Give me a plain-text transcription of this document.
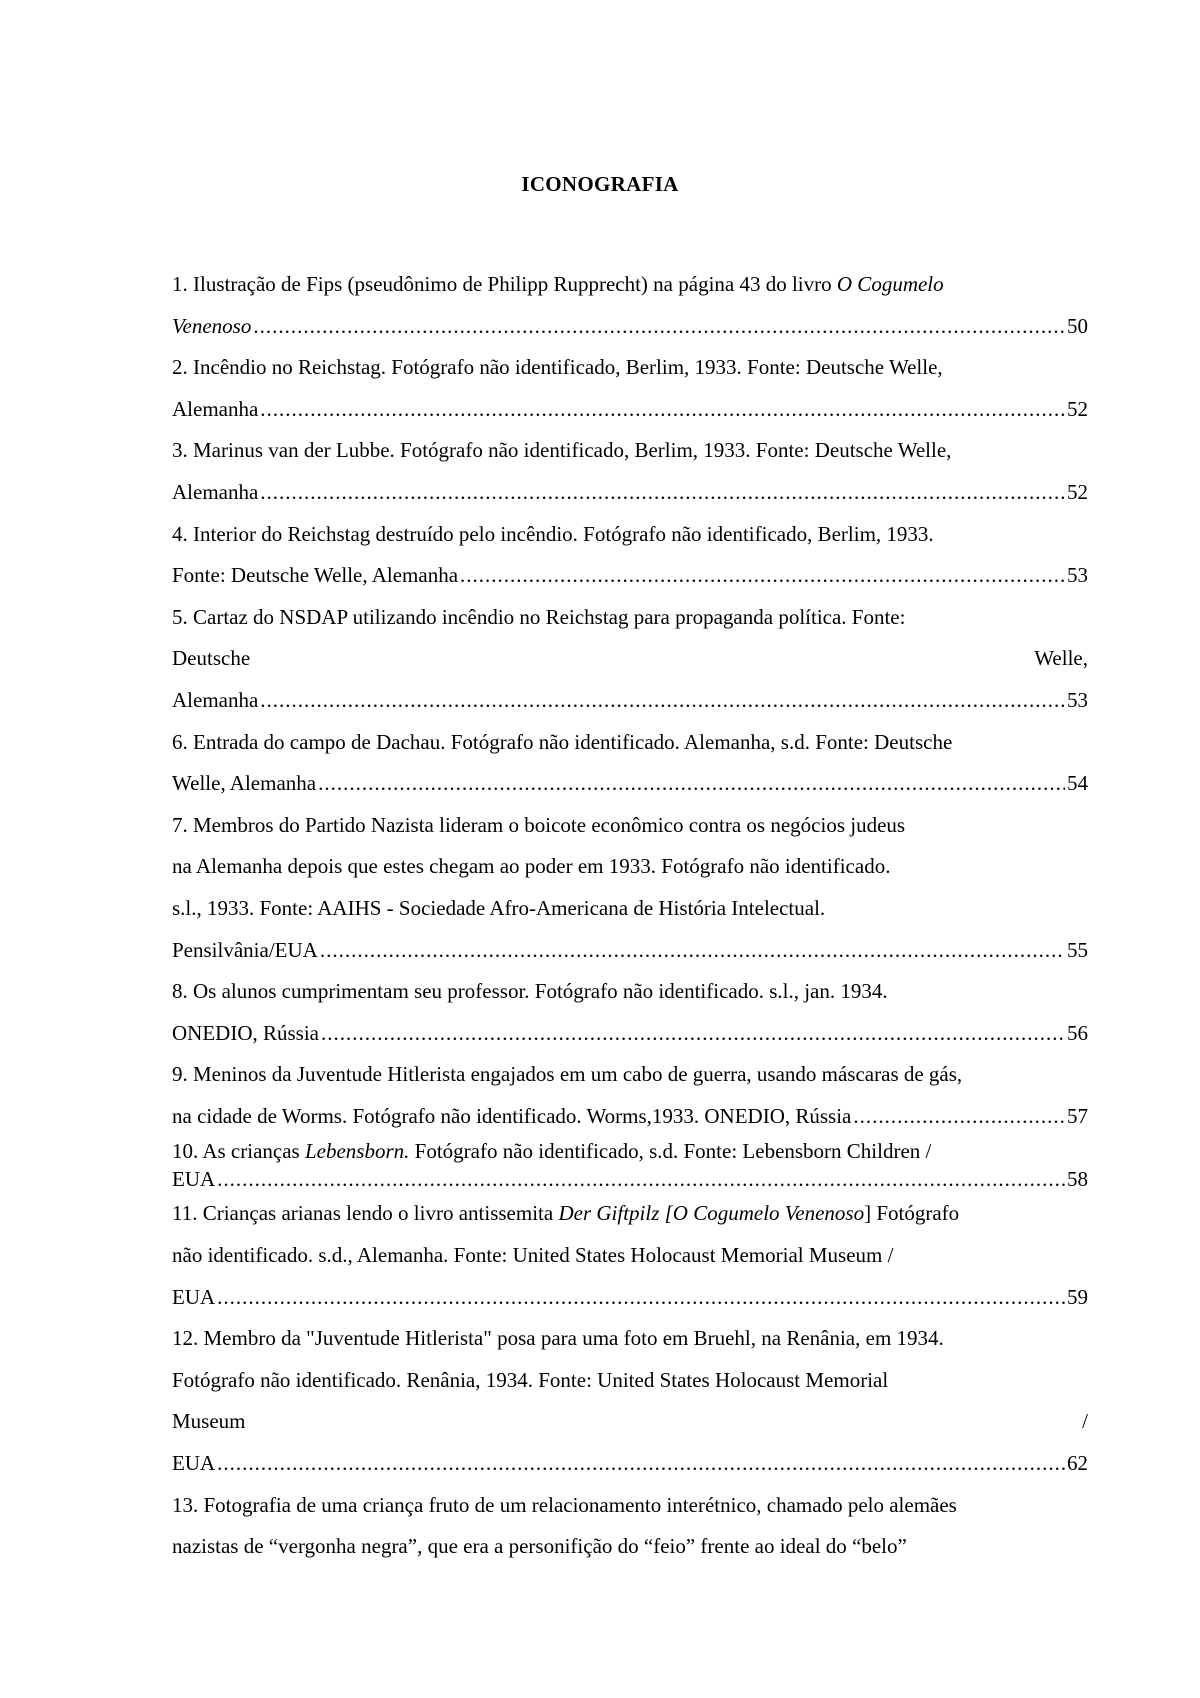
ICONOGRAFIA
1. Ilustração de Fips (pseudônimo de Philipp Rupprecht) na página 43 do livro O Cogumelo
Venenoso .....	50
2. Incêndio no Reichstag. Fotógrafo não identificado, Berlim, 1933. Fonte: Deutsche Welle,
Alemanha .....	52
3. Marinus van der Lubbe. Fotógrafo não identificado, Berlim, 1933. Fonte: Deutsche Welle,
Alemanha .....	52
4. Interior do Reichstag destruído pelo incêndio. Fotógrafo não identificado, Berlim, 1933.
Fonte: Deutsche Welle, Alemanha .....	53
5. Cartaz do NSDAP utilizando incêndio no Reichstag para propaganda política. Fonte:
Deutsche	Welle,
Alemanha .....	53
6. Entrada do campo de Dachau. Fotógrafo não identificado. Alemanha, s.d. Fonte: Deutsche
Welle, Alemanha .....	54
7. Membros do Partido Nazista lideram o boicote econômico contra os negócios judeus
na Alemanha depois que estes chegam ao poder em 1933. Fotógrafo não identificado.
s.l., 1933. Fonte: AAIHS - Sociedade Afro-Americana de História Intelectual.
Pensilvânia/EUA .....	55
8. Os alunos cumprimentam seu professor. Fotógrafo não identificado. s.l., jan. 1934.
ONEDIO, Rússia .....	56
9. Meninos da Juventude Hitlerista engajados em um cabo de guerra, usando máscaras de gás,
na cidade de Worms. Fotógrafo não identificado. Worms,1933. ONEDIO, Rússia .....	57
10. As crianças Lebensborn. Fotógrafo não identificado, s.d. Fonte: Lebensborn Children /
EUA .....	58
11. Crianças arianas lendo o livro antissemita Der Giftpilz [O Cogumelo Venenoso] Fotógrafo
não identificado. s.d., Alemanha. Fonte: United States Holocaust Memorial Museum /
EUA .....	59
12. Membro da "Juventude Hitlerista" posa para uma foto em Bruehl, na Renânia, em 1934.
Fotógrafo não identificado. Renânia, 1934. Fonte: United States Holocaust Memorial
Museum	/
EUA .....	62
13. Fotografia de uma criança fruto de um relacionamento interétnico, chamado pelo alemães
nazistas de “vergonha negra”, que era a personifição do “feio” frente ao ideal do “belo”
